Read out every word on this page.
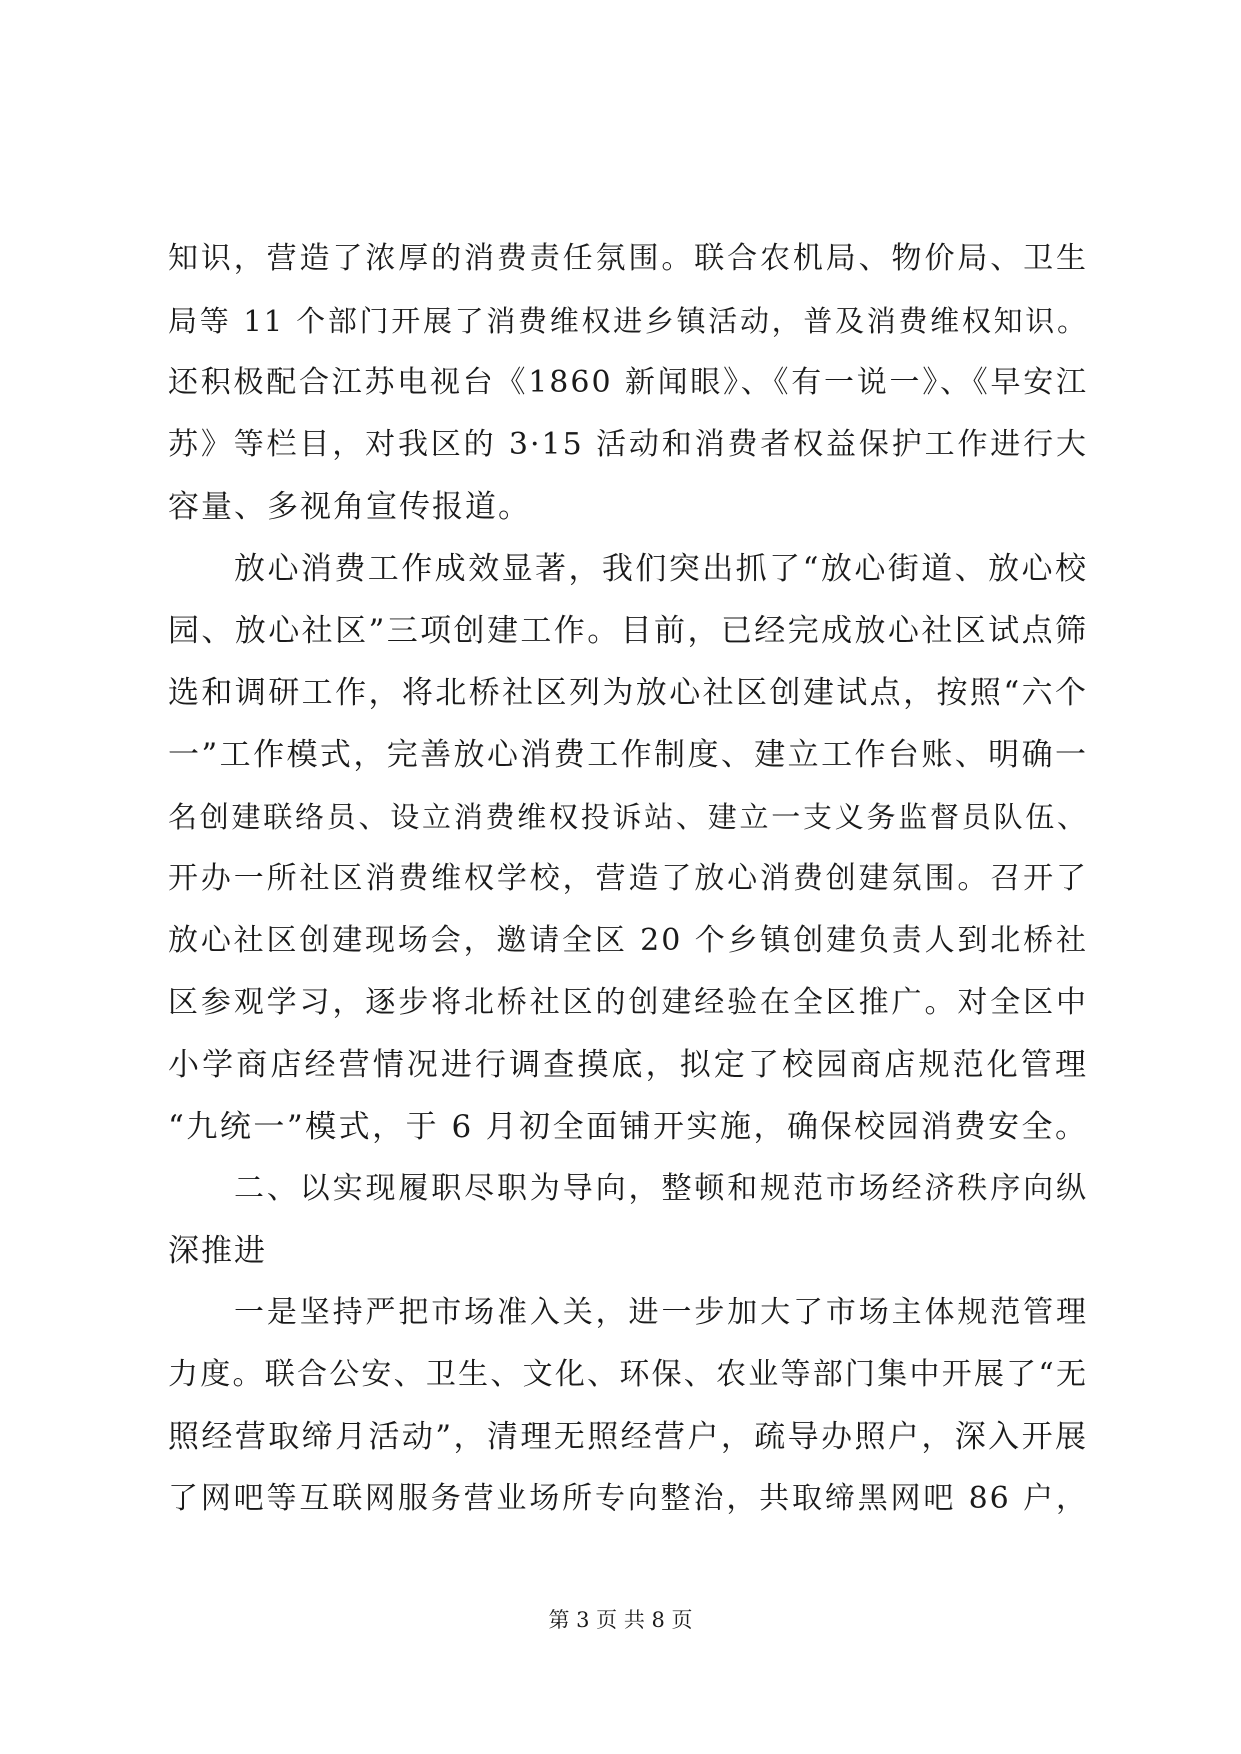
知识，营造了浓厚的消费责任氛围。联合农机局、物价局、卫生
局等 11 个部门开展了消费维权进乡镇活动，普及消费维权知识。
还积极配合江苏电视台《1860 新闻眼》、《有一说一》、《早安江
苏》等栏目，对我区的 3·15 活动和消费者权益保护工作进行大
容量、多视角宣传报道。
放心消费工作成效显著，我们突出抓了“放心街道、放心校
园、放心社区”三项创建工作。目前，已经完成放心社区试点筛
选和调研工作，将北桥社区列为放心社区创建试点，按照“六个
一”工作模式，完善放心消费工作制度、建立工作台账、明确一
名创建联络员、设立消费维权投诉站、建立一支义务监督员队伍、
开办一所社区消费维权学校，营造了放心消费创建氛围。召开了
放心社区创建现场会，邀请全区 20 个乡镇创建负责人到北桥社
区参观学习，逐步将北桥社区的创建经验在全区推广。对全区中
小学商店经营情况进行调查摸底，拟定了校园商店规范化管理
“九统一”模式，于 6 月初全面铺开实施，确保校园消费安全。
二、以实现履职尽职为导向，整顿和规范市场经济秩序向纵
深推进
一是坚持严把市场准入关，进一步加大了市场主体规范管理
力度。联合公安、卫生、文化、环保、农业等部门集中开展了“无
照经营取缔月活动”，清理无照经营户，疏导办照户，深入开展
了网吧等互联网服务营业场所专向整治，共取缔黑网吧 86 户，
第 3 页 共 8 页
